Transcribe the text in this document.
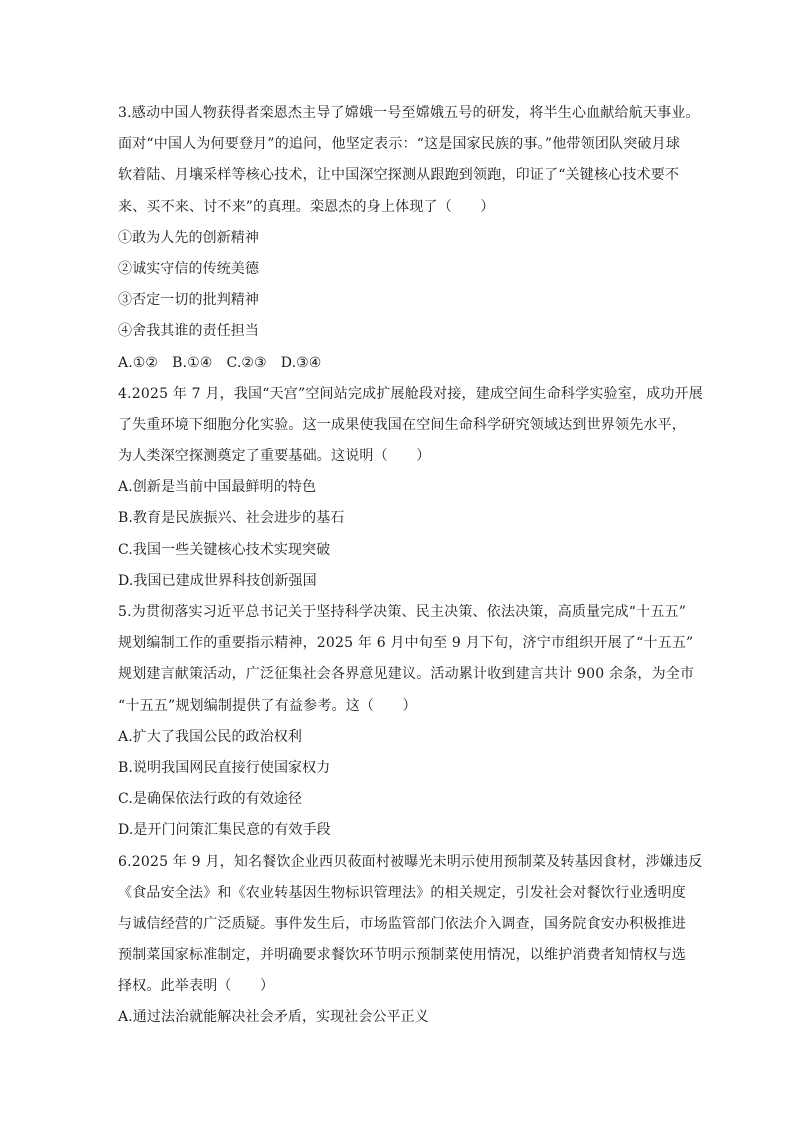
3.感动中国人物获得者栾恩杰主导了嫦娥一号至嫦娥五号的研发，将半生心血献给航天事业。
面对“中国人为何要登月”的追问，他坚定表示：“这是国家民族的事。”他带领团队突破月球
软着陆、月壤采样等核心技术，让中国深空探测从跟跑到领跑，印证了“关键核心技术要不
来、买不来、讨不来”的真理。栾恩杰的身上体现了（　　）
①敢为人先的创新精神
②诚实守信的传统美德
③否定一切的批判精神
④舍我其谁的责任担当
A.①②　B.①④　C.②③　D.③④
4.2025 年 7 月，我国“天宫”空间站完成扩展舱段对接，建成空间生命科学实验室，成功开展
了失重环境下细胞分化实验。这一成果使我国在空间生命科学研究领域达到世界领先水平，
为人类深空探测奠定了重要基础。这说明（　　）
A.创新是当前中国最鲜明的特色
B.教育是民族振兴、社会进步的基石
C.我国一些关键核心技术实现突破
D.我国已建成世界科技创新强国
5.为贯彻落实习近平总书记关于坚持科学决策、民主决策、依法决策，高质量完成“十五五”
规划编制工作的重要指示精神，2025 年 6 月中旬至 9 月下旬，济宁市组织开展了“十五五”
规划建言献策活动，广泛征集社会各界意见建议。活动累计收到建言共计 900 余条，为全市
“十五五”规划编制提供了有益参考。这（　　）
A.扩大了我国公民的政治权利
B.说明我国网民直接行使国家权力
C.是确保依法行政的有效途径
D.是开门问策汇集民意的有效手段
6.2025 年 9 月，知名餐饮企业西贝莜面村被曝光未明示使用预制菜及转基因食材，涉嫌违反
《食品安全法》和《农业转基因生物标识管理法》的相关规定，引发社会对餐饮行业透明度
与诚信经营的广泛质疑。事件发生后，市场监管部门依法介入调查，国务院食安办积极推进
预制菜国家标准制定，并明确要求餐饮环节明示预制菜使用情况，以维护消费者知情权与选
择权。此举表明（　　）
A.通过法治就能解决社会矛盾，实现社会公平正义
